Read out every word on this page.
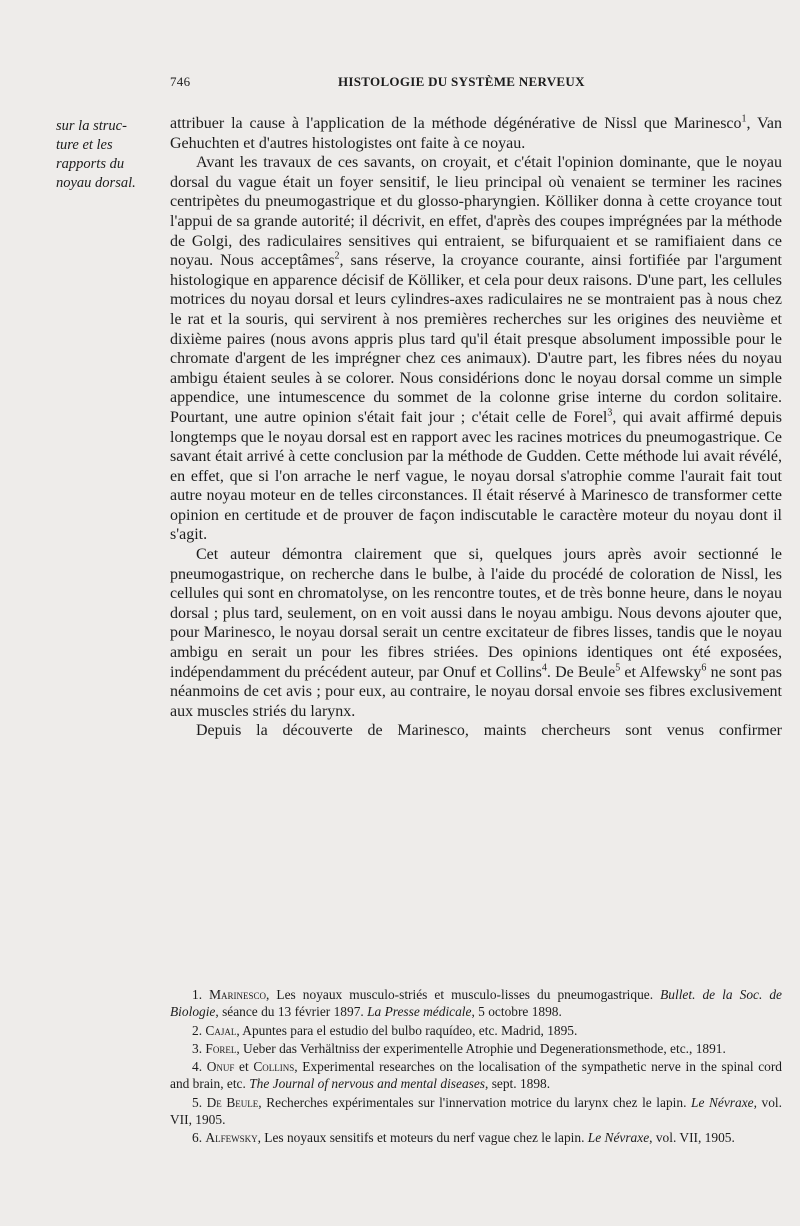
746	HISTOLOGIE DU SYSTÈME NERVEUX
sur la struc-
ture et les
rapports du
noyau dorsal.

attribuer la cause à l'application de la méthode dégénérative de Nissl que Marinesco$^1$, Van Gehuchten et d'autres histologistes ont faite à ce noyau.

Avant les travaux de ces savants, on croyait, et c'était l'opinion dominante, que le noyau dorsal du vague était un foyer sensitif, le lieu principal où venaient se terminer les racines centripètes du pneumogastrique et du glosso-pharyngien. Kölliker donna à cette croyance tout l'appui de sa grande autorité; il décrivit, en effet, d'après des coupes imprégnées par la méthode de Golgi, des radiculaires sensitives qui entraient, se bifurquaient et se ramifiaient dans ce noyau. Nous acceptâmes$^2$, sans réserve, la croyance courante, ainsi fortifiée par l'argument histologique en apparence décisif de Kölliker, et cela pour deux raisons. D'une part, les cellules motrices du noyau dorsal et leurs cylindres-axes radiculaires ne se montraient pas à nous chez le rat et la souris, qui servirent à nos premières recherches sur les origines des neuvième et dixième paires (nous avons appris plus tard qu'il était presque absolument impossible pour le chromate d'argent de les imprégner chez ces animaux). D'autre part, les fibres nées du noyau ambigu étaient seules à se colorer. Nous considérions donc le noyau dorsal comme un simple appendice, une intumescence du sommet de la colonne grise interne du cordon solitaire. Pourtant, une autre opinion s'était fait jour ; c'était celle de Forel$^3$, qui avait affirmé depuis longtemps que le noyau dorsal est en rapport avec les racines motrices du pneumogastrique. Ce savant était arrivé à cette conclusion par la méthode de Gudden. Cette méthode lui avait révélé, en effet, que si l'on arrache le nerf vague, le noyau dorsal s'atrophie comme l'aurait fait tout autre noyau moteur en de telles circonstances. Il était réservé à Marinesco de transformer cette opinion en certitude et de prouver de façon indiscutable le caractère moteur du noyau dont il s'agit.

Cet auteur démontra clairement que si, quelques jours après avoir sectionné le pneumogastrique, on recherche dans le bulbe, à l'aide du procédé de coloration de Nissl, les cellules qui sont en chromatolyse, on les rencontre toutes, et de très bonne heure, dans le noyau dorsal ; plus tard, seulement, on en voit aussi dans le noyau ambigu. Nous devons ajouter que, pour Marinesco, le noyau dorsal serait un centre excitateur de fibres lisses, tandis que le noyau ambigu en serait un pour les fibres striées. Des opinions identiques ont été exposées, indépendamment du précédent auteur, par Onuf et Collins$^4$. De Beule$^5$ et Alfewsky$^6$ ne sont pas néanmoins de cet avis ; pour eux, au contraire, le noyau dorsal envoie ses fibres exclusivement aux muscles striés du larynx.

Depuis la découverte de Marinesco, maints chercheurs sont venus confirmer

1. Marinesco, Les noyaux musculo-striés et musculo-lisses du pneumogastrique. Bullet. de la Soc. de Biologie, séance du 13 février 1897. La Presse médicale, 5 octobre 1898.

2. Cajal, Apuntes para el estudio del bulbo raquídeo, etc. Madrid, 1895.

3. Forel, Ueber das Verhältniss der experimentelle Atrophie und Degenerationsmethode, etc., 1891.

4. Onuf et Collins, Experimental researches on the localisation of the sympathetic nerve in the spinal cord and brain, etc. The Journal of nervous and mental diseases, sept. 1898.

5. De Beule, Recherches expérimentales sur l'innervation motrice du larynx chez le lapin. Le Névraxe, vol. VII, 1905.

6. Alfewsky, Les noyaux sensitifs et moteurs du nerf vague chez le lapin. Le Névraxe, vol. VII, 1905.
